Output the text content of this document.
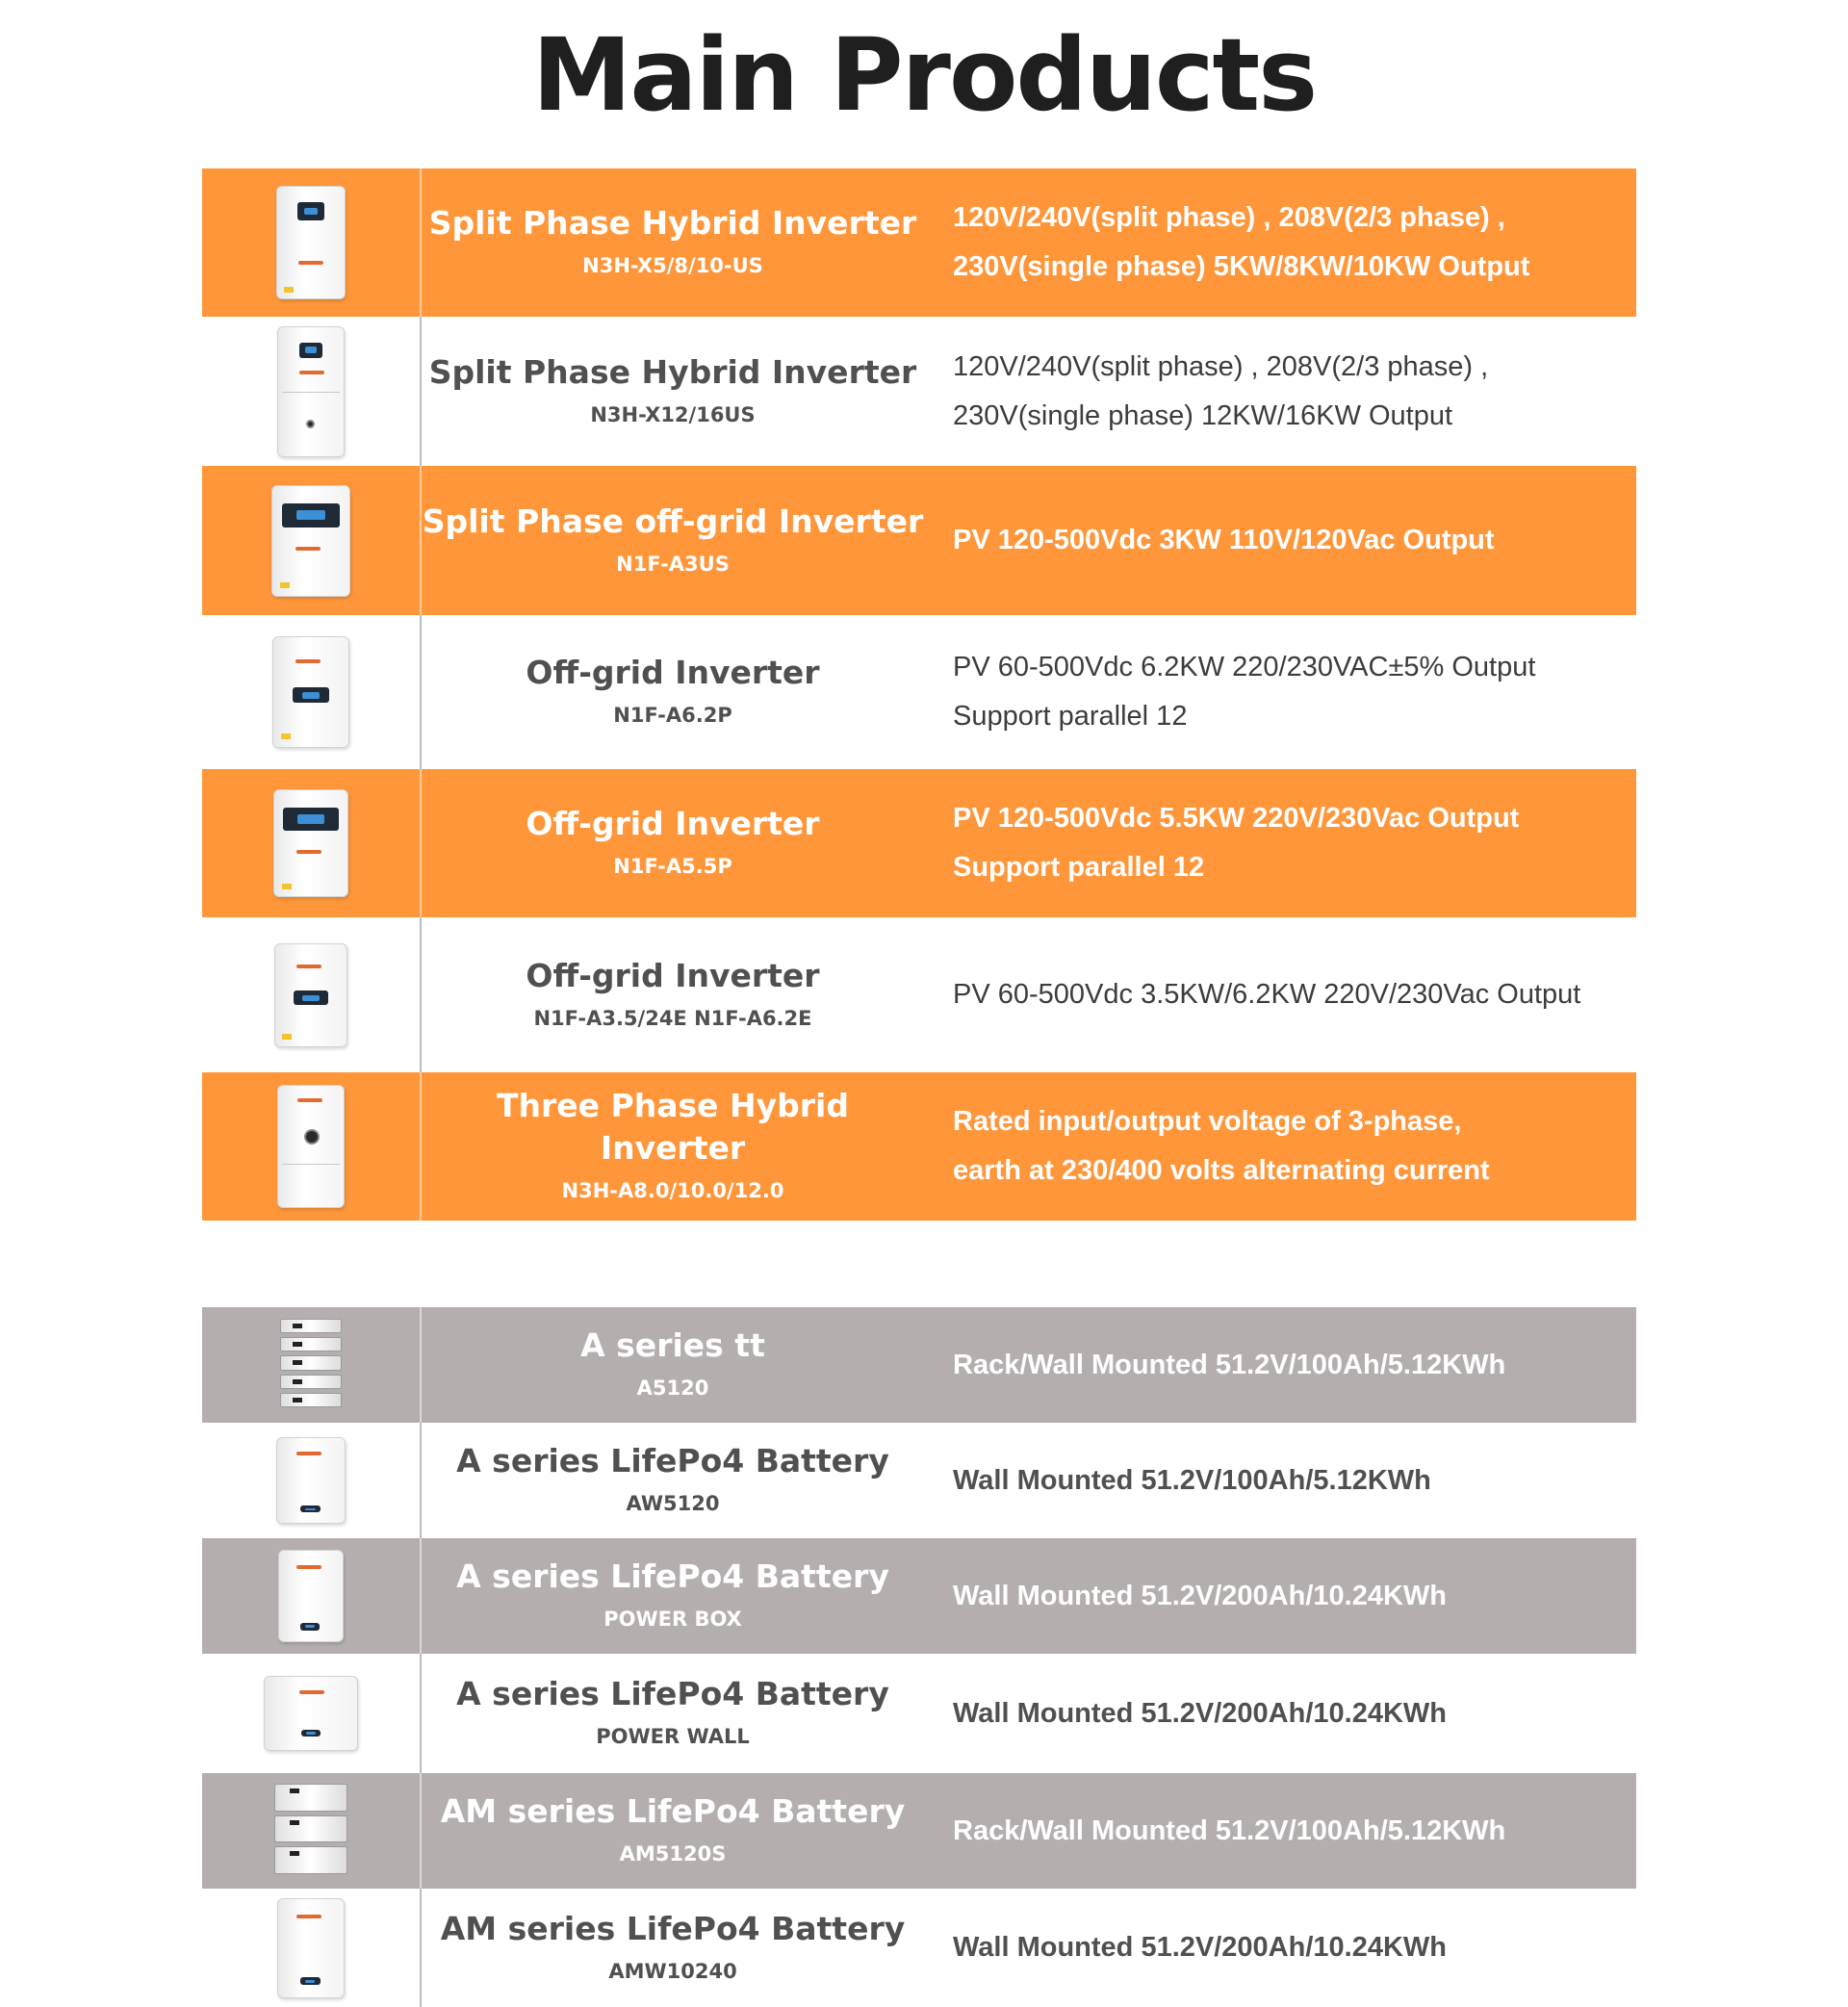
Main Products
Split Phase Hybrid Inverter
N3H-X5/8/10-US
120V/240V(split phase) , 208V(2/3 phase) ,
230V(single phase) 5KW/8KW/10KW Output
Split Phase Hybrid Inverter
N3H-X12/16US
120V/240V(split phase) , 208V(2/3 phase) ,
230V(single phase) 12KW/16KW Output
Split Phase off-grid Inverter
N1F-A3US
PV 120-500Vdc 3KW 110V/120Vac Output
Off-grid Inverter
N1F-A6.2P
PV 60-500Vdc 6.2KW 220/230VAC±5% Output
Support parallel 12
Off-grid Inverter
N1F-A5.5P
PV 120-500Vdc 5.5KW 220V/230Vac Output
Support parallel 12
Off-grid Inverter
N1F-A3.5/24E N1F-A6.2E
PV 60-500Vdc 3.5KW/6.2KW 220V/230Vac Output
Three Phase Hybrid Inverter
N3H-A8.0/10.0/12.0
Rated input/output voltage of 3-phase,
earth at 230/400 volts alternating current
A series tt
A5120
Rack/Wall Mounted 51.2V/100Ah/5.12KWh
A series LifePo4 Battery
AW5120
Wall Mounted 51.2V/100Ah/5.12KWh
A series LifePo4 Battery
POWER BOX
Wall Mounted 51.2V/200Ah/10.24KWh
A series LifePo4 Battery
POWER WALL
Wall Mounted 51.2V/200Ah/10.24KWh
AM series LifePo4 Battery
AM5120S
Rack/Wall Mounted 51.2V/100Ah/5.12KWh
AM series LifePo4 Battery
AMW10240
Wall Mounted 51.2V/200Ah/10.24KWh
